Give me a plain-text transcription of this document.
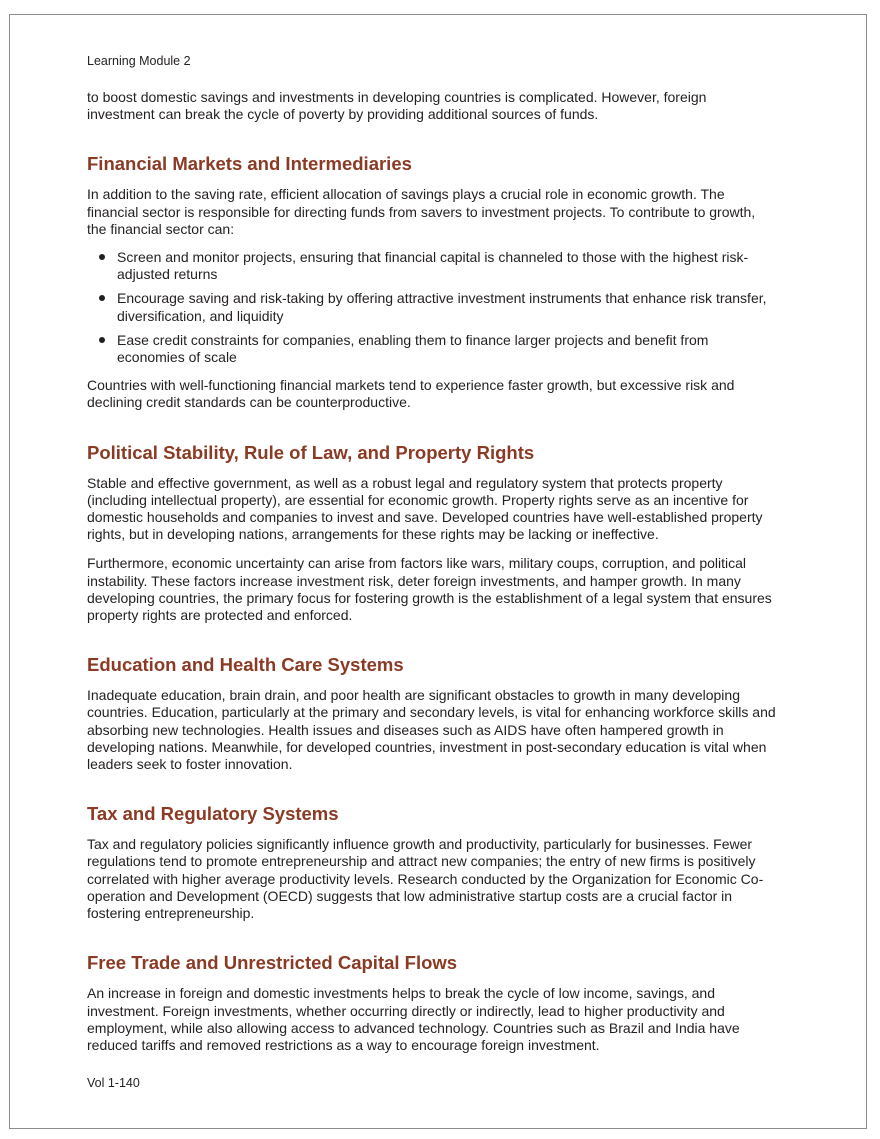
Learning Module 2

to boost domestic savings and investments in developing countries is complicated. However, foreign investment can break the cycle of poverty by providing additional sources of funds.

Financial Markets and Intermediaries

In addition to the saving rate, efficient allocation of savings plays a crucial role in economic growth. The financial sector is responsible for directing funds from savers to investment projects. To contribute to growth, the financial sector can:

Screen and monitor projects, ensuring that financial capital is channeled to those with the highest risk-adjusted returns
Encourage saving and risk-taking by offering attractive investment instruments that enhance risk transfer, diversification, and liquidity
Ease credit constraints for companies, enabling them to finance larger projects and benefit from economies of scale

Countries with well-functioning financial markets tend to experience faster growth, but excessive risk and declining credit standards can be counterproductive.

Political Stability, Rule of Law, and Property Rights

Stable and effective government, as well as a robust legal and regulatory system that protects property (including intellectual property), are essential for economic growth. Property rights serve as an incentive for domestic households and companies to invest and save. Developed countries have well-established property rights, but in developing nations, arrangements for these rights may be lacking or ineffective.

Furthermore, economic uncertainty can arise from factors like wars, military coups, corruption, and political instability. These factors increase investment risk, deter foreign investments, and hamper growth. In many developing countries, the primary focus for fostering growth is the establishment of a legal system that ensures property rights are protected and enforced.

Education and Health Care Systems

Inadequate education, brain drain, and poor health are significant obstacles to growth in many developing countries. Education, particularly at the primary and secondary levels, is vital for enhancing workforce skills and absorbing new technologies. Health issues and diseases such as AIDS have often hampered growth in developing nations. Meanwhile, for developed countries, investment in post-secondary education is vital when leaders seek to foster innovation.

Tax and Regulatory Systems

Tax and regulatory policies significantly influence growth and productivity, particularly for businesses. Fewer regulations tend to promote entrepreneurship and attract new companies; the entry of new firms is positively correlated with higher average productivity levels. Research conducted by the Organization for Economic Co-operation and Development (OECD) suggests that low administrative startup costs are a crucial factor in fostering entrepreneurship.

Free Trade and Unrestricted Capital Flows

An increase in foreign and domestic investments helps to break the cycle of low income, savings, and investment. Foreign investments, whether occurring directly or indirectly, lead to higher productivity and employment, while also allowing access to advanced technology. Countries such as Brazil and India have reduced tariffs and removed restrictions as a way to encourage foreign investment.

Vol 1-140
